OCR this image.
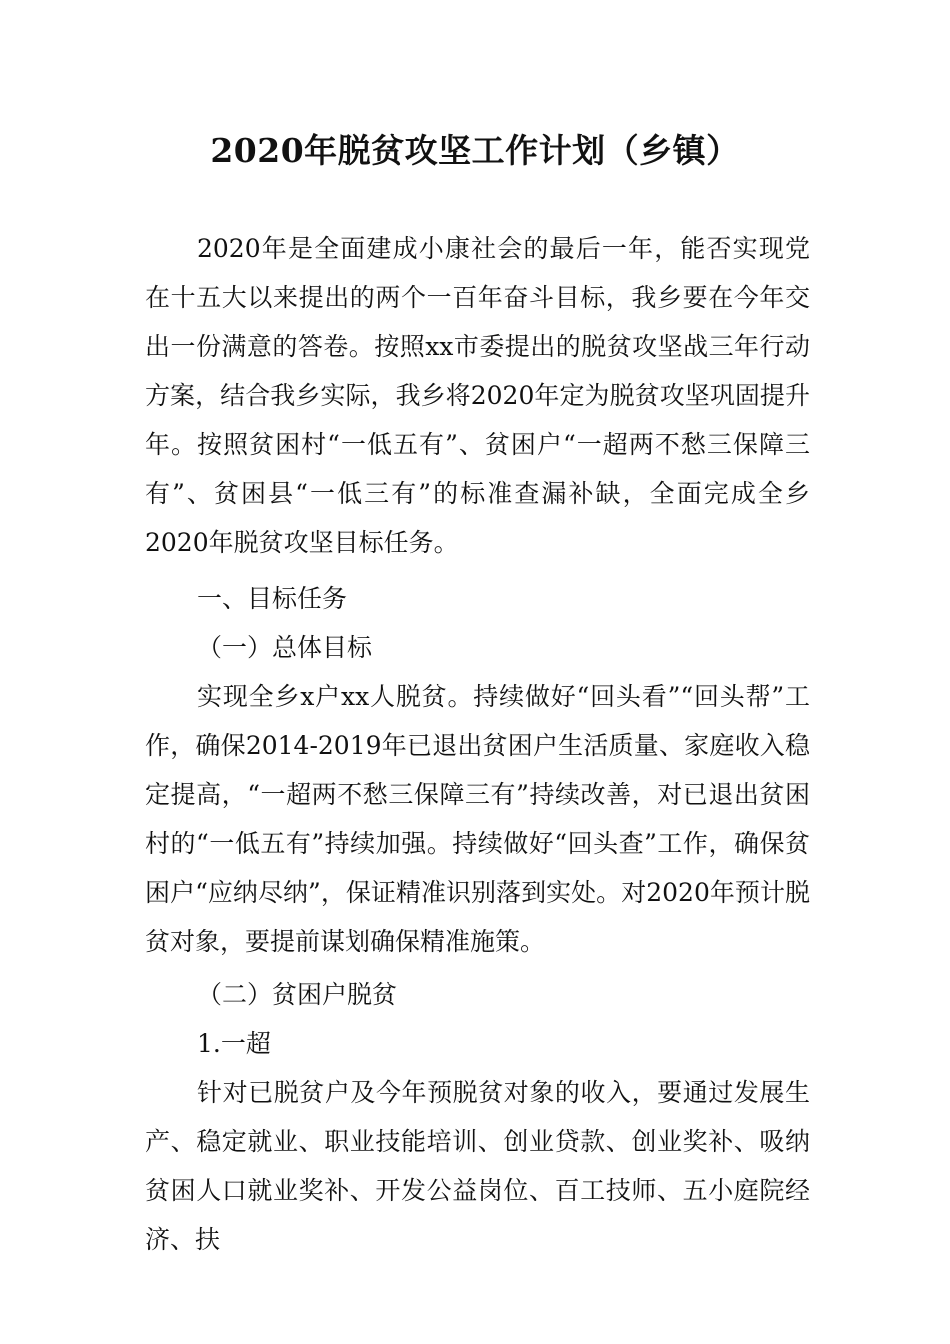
2020年脱贫攻坚工作计划（乡镇）

2020年是全面建成小康社会的最后一年，能否实现党在十五大以来提出的两个一百年奋斗目标，我乡要在今年交出一份满意的答卷。按照xx市委提出的脱贫攻坚战三年行动方案，结合我乡实际，我乡将2020年定为脱贫攻坚巩固提升年。按照贫困村“一低五有”、贫困户“一超两不愁三保障三有”、贫困县“一低三有”的标准查漏补缺，全面完成全乡2020年脱贫攻坚目标任务。

一、目标任务

（一）总体目标

实现全乡x户xx人脱贫。持续做好“回头看”“回头帮”工作，确保2014-2019年已退出贫困户生活质量、家庭收入稳定提高，“一超两不愁三保障三有”持续改善，对已退出贫困村的“一低五有”持续加强。持续做好“回头查”工作，确保贫困户“应纳尽纳”，保证精准识别落到实处。对2020年预计脱贫对象，要提前谋划确保精准施策。

（二）贫困户脱贫

1.一超

针对已脱贫户及今年预脱贫对象的收入，要通过发展生产、稳定就业、职业技能培训、创业贷款、创业奖补、吸纳贫困人口就业奖补、开发公益岗位、百工技师、五小庭院经济、扶
